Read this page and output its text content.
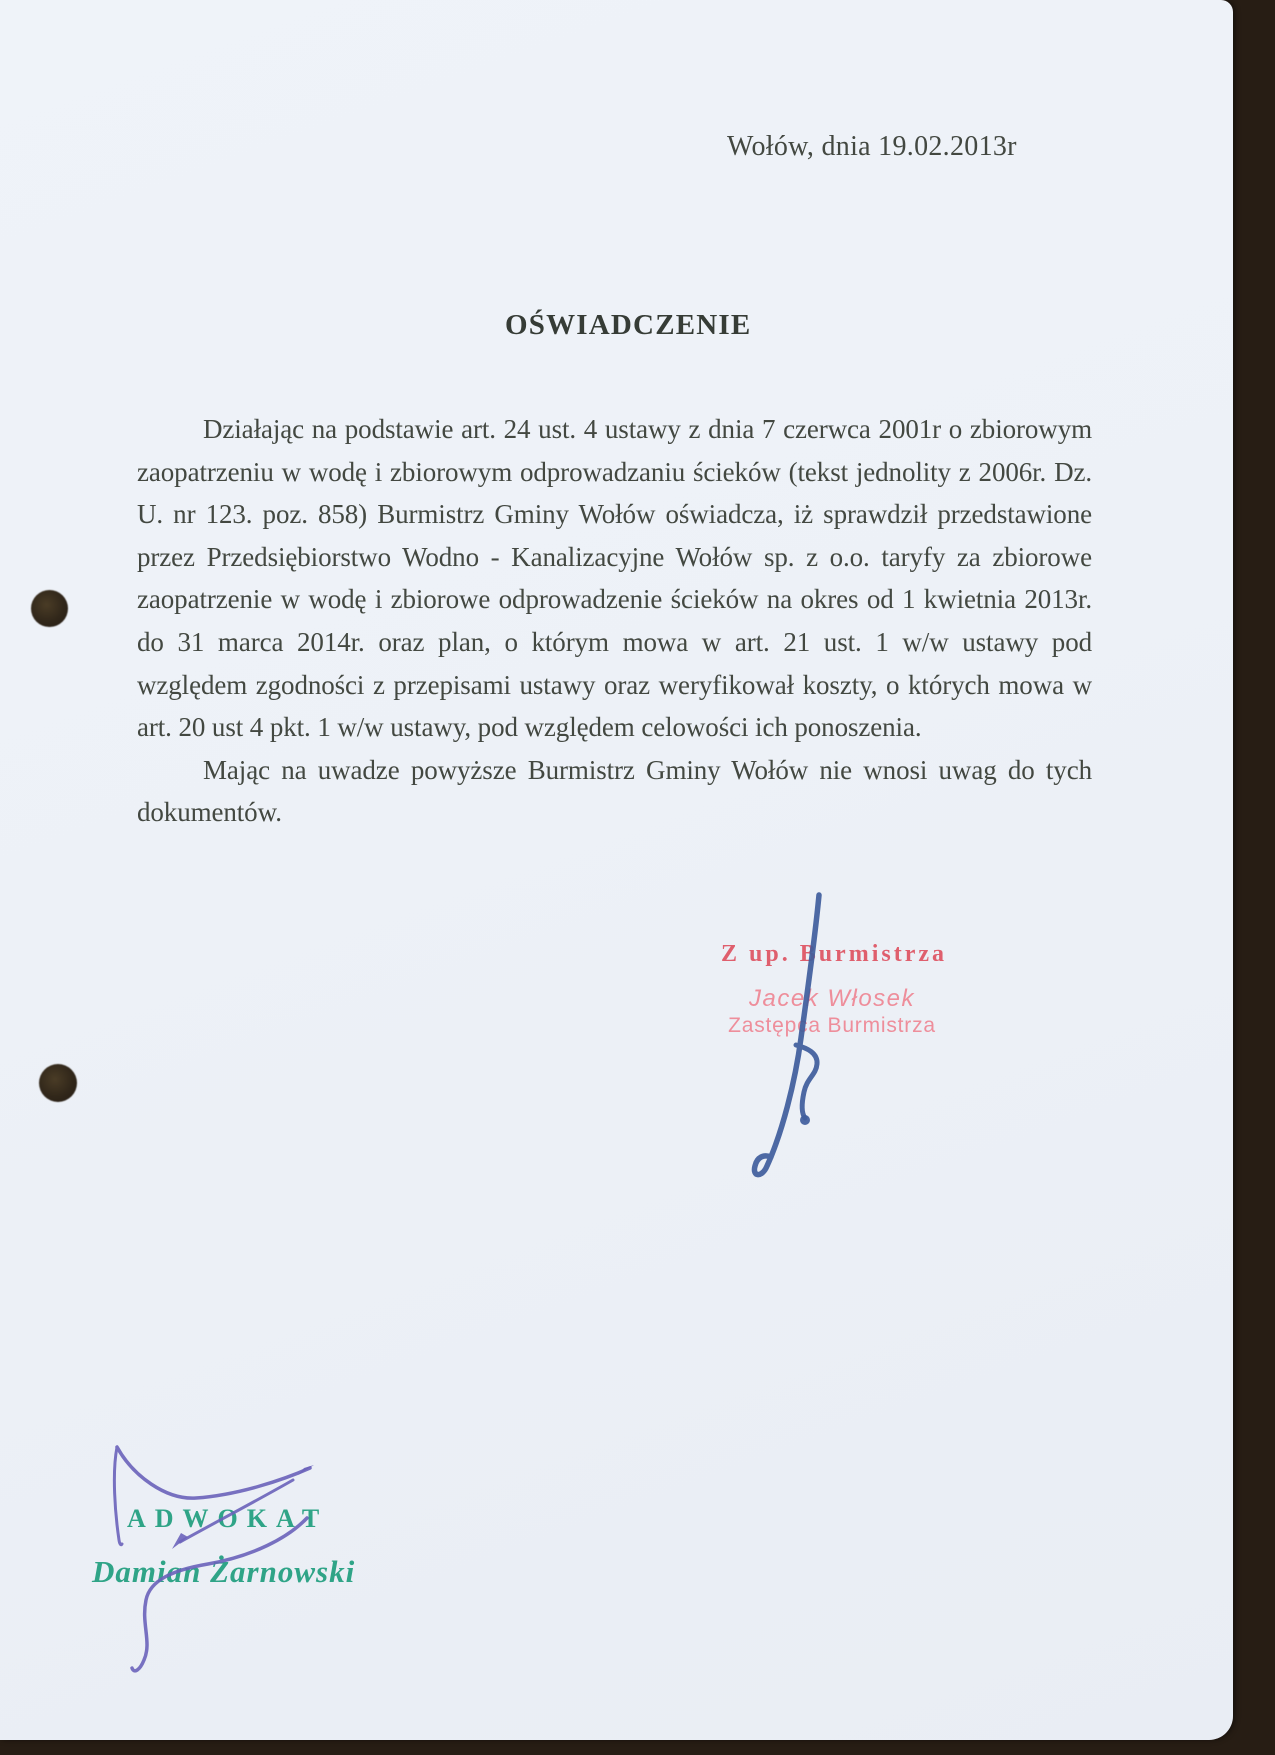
Wołów, dnia 19.02.2013r
OŚWIADCZENIE

Działając na podstawie art. 24 ust. 4 ustawy z dnia 7 czerwca 2001r o zbiorowym zaopatrzeniu w wodę i zbiorowym odprowadzaniu ścieków (tekst jednolity z 2006r. Dz. U. nr 123. poz. 858) Burmistrz Gminy Wołów oświadcza, iż sprawdził przedstawione przez Przedsiębiorstwo Wodno - Kanalizacyjne Wołów sp. z o.o. taryfy za zbiorowe zaopatrzenie w wodę i zbiorowe odprowadzenie ścieków na okres od 1 kwietnia 2013r. do 31 marca 2014r. oraz plan, o którym mowa w art. 21 ust. 1 w/w ustawy pod względem zgodności z przepisami ustawy oraz weryfikował koszty, o których mowa w art. 20 ust 4 pkt. 1 w/w ustawy, pod względem celowości ich ponoszenia.

Mając na uwadze powyższe Burmistrz Gminy Wołów nie wnosi uwag do tych dokumentów.

Z up. Burmistrza
Jacek Włosek
Zastępca Burmistrza
ADWOKAT
Damian Żarnowski
